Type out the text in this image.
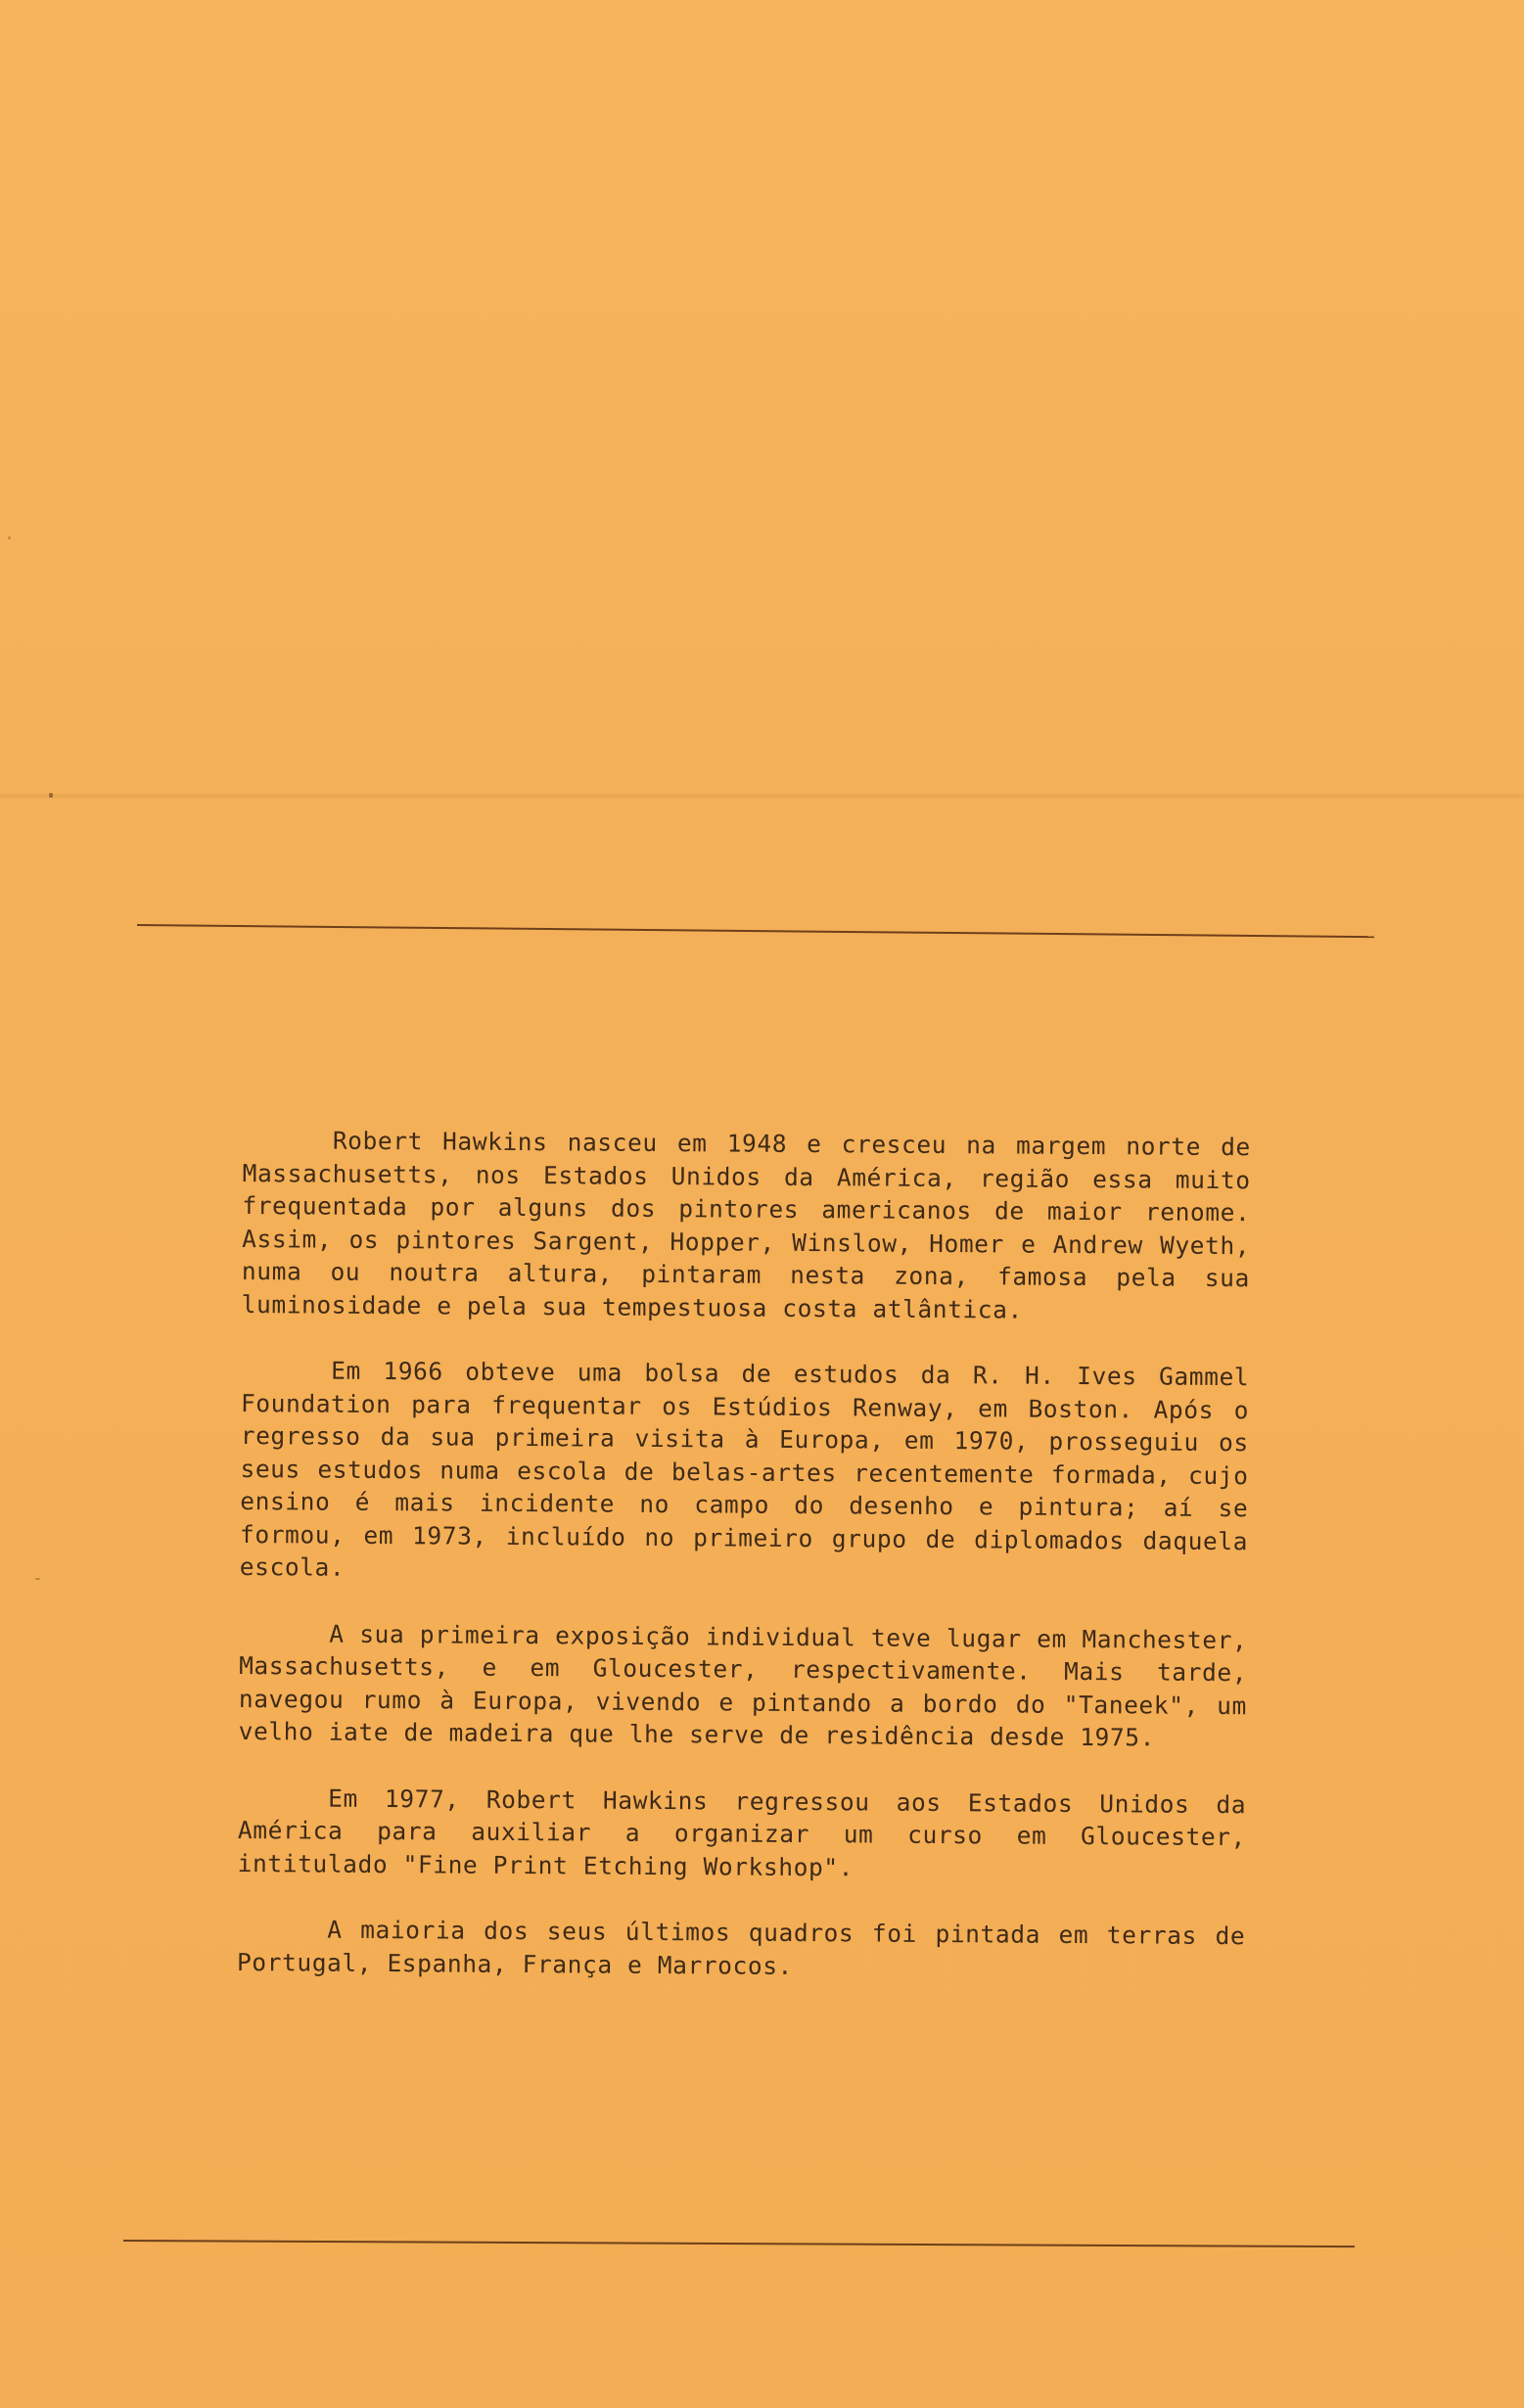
Robert Hawkins nasceu em 1948 e cresceu na margem norte de Massachusetts, nos Estados Unidos da América, região essa muito frequentada por alguns dos pintores americanos de maior renome. Assim, os pintores Sargent, Hopper, Winslow, Homer e Andrew Wyeth, numa ou noutra altura, pintaram nesta zona, famosa pela sua luminosidade e pela sua tempestuosa costa atlântica.

Em 1966 obteve uma bolsa de estudos da R. H. Ives Gammel Foundation para frequentar os Estúdios Renway, em Boston. Após o regresso da sua primeira visita à Europa, em 1970, prosseguiu os seus estudos numa escola de belas-artes recentemente formada, cujo ensino é mais incidente no campo do desenho e pintura; aí se formou, em 1973, incluído no primeiro grupo de diplomados daquela escola.

A sua primeira exposição individual teve lugar em Manchester, Massachusetts, e em Gloucester, respectivamente. Mais tarde, navegou rumo à Europa, vivendo e pintando a bordo do "Taneek", um velho iate de madeira que lhe serve de residência desde 1975.

Em 1977, Robert Hawkins regressou aos Estados Unidos da América para auxiliar a organizar um curso em Gloucester, intitulado "Fine Print Etching Workshop".

A maioria dos seus últimos quadros foi pintada em terras de Portugal, Espanha, França e Marrocos.
